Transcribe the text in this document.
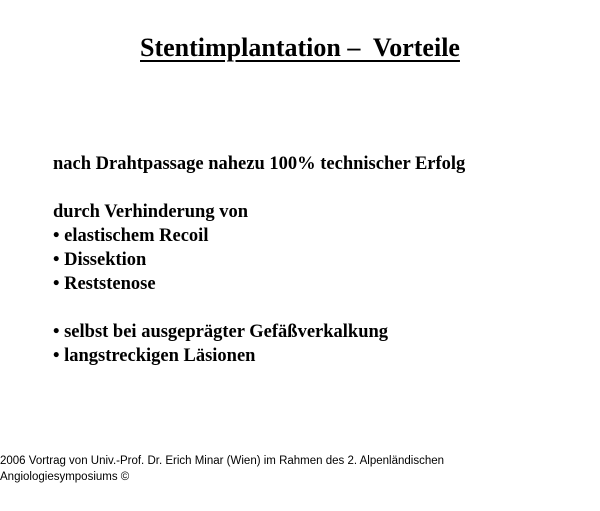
Stentimplantation –  Vorteile
nach Drahtpassage nahezu 100% technischer Erfolg
durch Verhinderung von
• elastischem Recoil
• Dissektion
• Reststenose
• selbst bei ausgeprägter Gefäßverkalkung
• langstreckigen Läsionen
2006 Vortrag von Univ.-Prof. Dr. Erich Minar (Wien) im Rahmen des 2. Alpenländischen
Angiologiesymposiums ©
